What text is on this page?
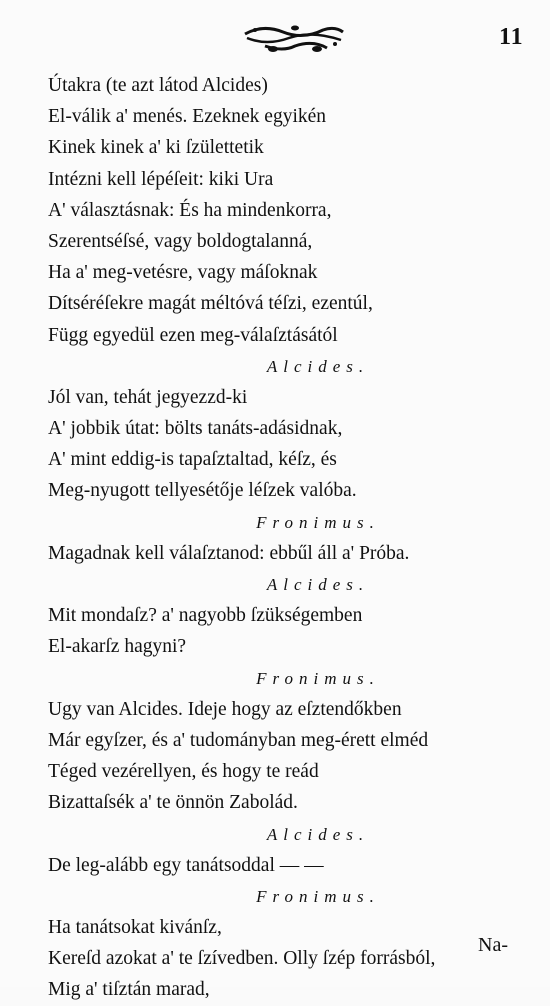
11
Útakra (te azt látod Alcides)
El-válik a' menés. Ezeknek egyikén
Kinek kinek a' ki ſzülettetik
Intézni kell lépéſeit: kiki Ura
A' választásnak: És ha mindenkorra,
Szerentséſsé, vagy boldogtalanná,
Ha a' meg-vetésre, vagy máſoknak
Dítséréſekre magát méltóvá téſzi, ezentúl,
Függ egyedül ezen meg-válaſztásától
Alcides.
Jól van, tehát jegyezzd-ki
A' jobbik útat: bölts tanáts-adásidnak,
A' mint eddig-is tapaſztaltad, kéſz, és
Meg-nyugott tellyesétője léſzek valóba.
Fronimus.
Magadnak kell válaſztanod: ebbűl áll a' Próba.
Alcides.
Mit mondaſz? a' nagyobb ſzükségemben
El-akarſz hagyni?
Fronimus.
Ugy van Alcides. Ideje hogy az eſztendőkben
Már egyſzer, és a' tudományban meg-érett elméd
Téged vezérellyen, és hogy te reád
Bizattaſsék a' te önnön Zabolád.
Alcides.
De leg-alább egy tanátsoddal — —
Fronimus.
Ha tanátsokat kivánſz,
Kereſd azokat a' te ſzívedben. Olly ſzép forrásból,
Mig a' tiſztán marad,
Na-
